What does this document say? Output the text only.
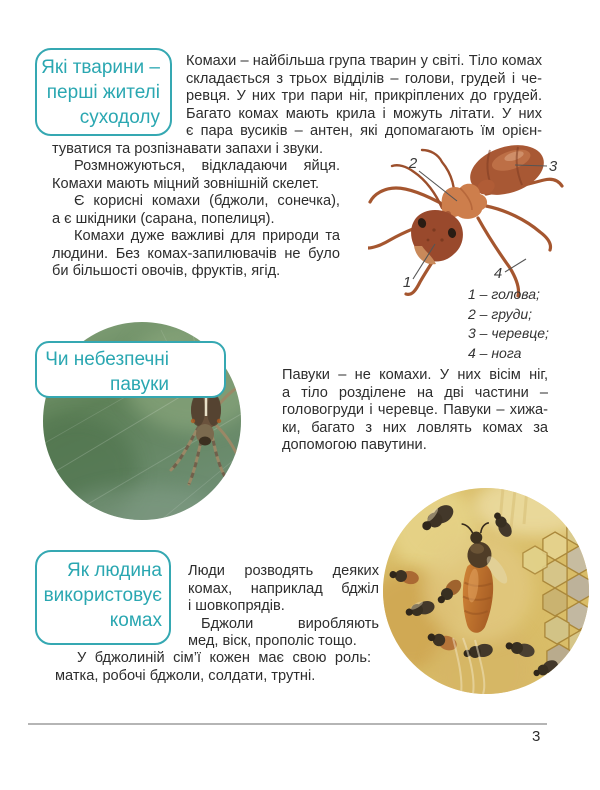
Які тварини –
перші жителі
суходолу
Комахи – найбільша група тварин у світі. Тіло комах
складається з трьох відділів – голови, грудей і че-
ревця. У них три пари ніг, прикріплених до грудей.
Багато комах мають крила і можуть літати. У них
є пара вусиків – антен, які допомагають їм орієн-
туватися та розпізнавати запахи і звуки.
Розмножуються, відкладаючи яйця.
Комахи мають міцний зовнішній скелет.
Є корисні комахи (бджоли, сонечка),
а є шкідники (сарана, попелиця).
Комахи дуже важливі для природи та
людини. Без комах-запилювачів не було
би більшості овочів, фруктів, ягід.
1
2	3
4
1 – голова;
2 – груди;
3 – черевце;
4 – нога
Чи небезпечні
павуки	Павуки – не комахи. У них вісім ніг,
а тіло розділене на дві частини –
головогруди і черевце. Павуки – хижа-
ки, багато з них ловлять комах за
допомогою павутини.
Як людина
використовує
комах
Люди розводять деяких
комах, наприклад бджіл
і шовкопрядів.
Бджоли виробляють
мед, віск, прополіс тощо.
У бджолиній сім’ї кожен має свою роль:
матка, робочі бджоли, солдати, трутні.
3
